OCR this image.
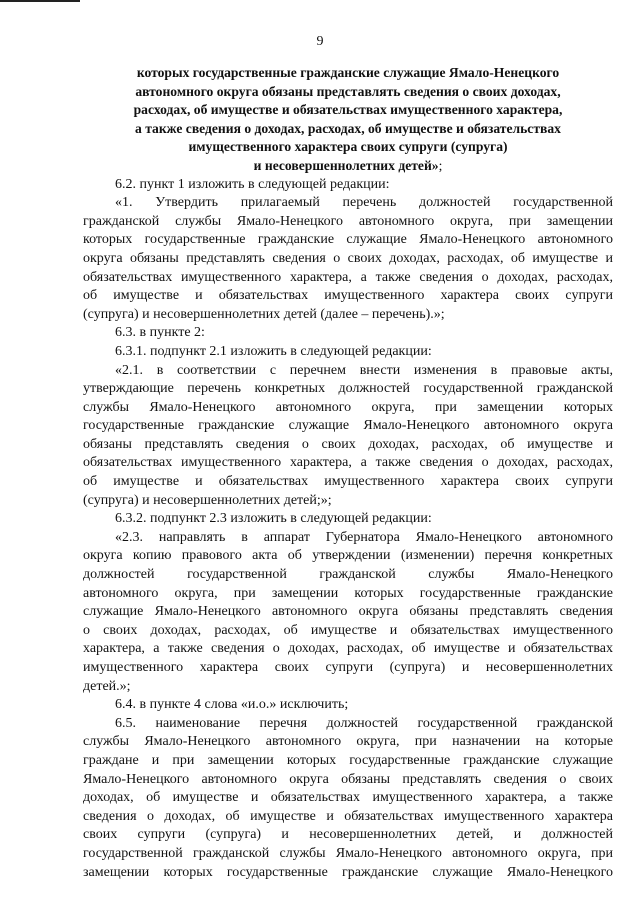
9
которых государственные гражданские служащие Ямало-Ненецкого
автономного округа обязаны представлять сведения о своих доходах,
расходах, об имуществе и обязательствах имущественного характера,
а также сведения о доходах, расходах, об имуществе и обязательствах
имущественного характера своих супруги (супруга)
и несовершеннолетних детей»;
6.2. пункт 1 изложить в следующей редакции:
«1. Утвердить прилагаемый перечень должностей государственной
гражданской службы Ямало-Ненецкого автономного округа, при замещении
которых государственные гражданские служащие Ямало-Ненецкого автономного
округа обязаны представлять сведения о своих доходах, расходах, об имуществе и
обязательствах имущественного характера, а также сведения о доходах, расходах,
об имуществе и обязательствах имущественного характера своих супруги
(супруга) и несовершеннолетних детей (далее – перечень).»;
6.3. в пункте 2:
6.3.1. подпункт 2.1 изложить в следующей редакции:
«2.1. в соответствии с перечнем внести изменения в правовые акты,
утверждающие перечень конкретных должностей государственной гражданской
службы Ямало-Ненецкого автономного округа, при замещении которых
государственные гражданские служащие Ямало-Ненецкого автономного округа
обязаны представлять сведения о своих доходах, расходах, об имуществе и
обязательствах имущественного характера, а также сведения о доходах, расходах,
об имуществе и обязательствах имущественного характера своих супруги
(супруга) и несовершеннолетних детей;»;
6.3.2. подпункт 2.3 изложить в следующей редакции:
«2.3. направлять в аппарат Губернатора Ямало-Ненецкого автономного
округа копию правового акта об утверждении (изменении) перечня конкретных
должностей государственной гражданской службы Ямало-Ненецкого
автономного округа, при замещении которых государственные гражданские
служащие Ямало-Ненецкого автономного округа обязаны представлять сведения
о своих доходах, расходах, об имуществе и обязательствах имущественного
характера, а также сведения о доходах, расходах, об имуществе и обязательствах
имущественного характера своих супруги (супруга) и несовершеннолетних
детей.»;
6.4. в пункте 4 слова «и.о.» исключить;
6.5. наименование перечня должностей государственной гражданской
службы Ямало-Ненецкого автономного округа, при назначении на которые
граждане и при замещении которых государственные гражданские служащие
Ямало-Ненецкого автономного округа обязаны представлять сведения о своих
доходах, об имуществе и обязательствах имущественного характера, а также
сведения о доходах, об имуществе и обязательствах имущественного характера
своих супруги (супруга) и несовершеннолетних детей, и должностей
государственной гражданской службы Ямало-Ненецкого автономного округа, при
замещении которых государственные гражданские служащие Ямало-Ненецкого
